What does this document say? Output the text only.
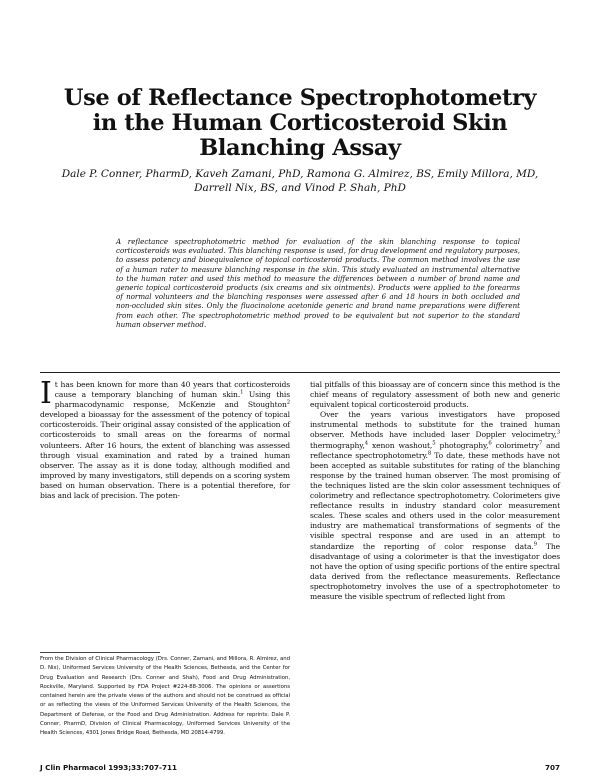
Use of Reflectance Spectrophotometry
in the Human Corticosteroid Skin
Blanching Assay
Dale P. Conner, PharmD, Kaveh Zamani, PhD, Ramona G. Almirez, BS, Emily Millora, MD,
Darrell Nix, BS, and Vinod P. Shah, PhD
A reflectance spectrophotometric method for evaluation of the skin blanching response to topical corticosteroids was evaluated. This blanching response is used, for drug development and regulatory purposes, to assess potency and bioequivalence of topical corticosteroid products. The common method involves the use of a human rater to measure blanching response in the skin. This study evaluated an instrumental alternative to the human rater and used this method to measure the differences between a number of brand name and generic topical corticosteroid products (six creams and six ointments). Products were applied to the forearms of normal volunteers and the blanching responses were assessed after 6 and 18 hours in both occluded and non-occluded skin sites. Only the fluocinolone acetonide generic and brand name preparations were different from each other. The spectrophotometric method proved to be equivalent but not superior to the standard human observer method.

It has been known for more than 40 years that corticosteroids cause a temporary blanching of human skin.$^1$ Using this pharmacodynamic response, McKenzie and Stoughton$^2$ developed a bioassay for the assessment of the potency of topical corticosteroids. Their original assay consisted of the application of corticosteroids to small areas on the forearms of normal volunteers. After 16 hours, the extent of blanching was assessed through visual examination and rated by a trained human observer. The assay as it is done today, although modified and improved by many investigators, still depends on a scoring system based on human observation. There is a potential therefore, for bias and lack of precision. The poten-

tial pitfalls of this bioassay are of concern since this method is the chief means of regulatory assessment of both new and generic equivalent topical corticosteroid products.

Over the years various investigators have proposed instrumental methods to substitute for the trained human observer. Methods have included laser Doppler velocimetry,$^3$ thermography,$^4$ xenon washout,$^5$ photography,$^6$ colorimetry$^7$ and reflectance spectrophotometry.$^8$ To date, these methods have not been accepted as suitable substitutes for rating of the blanching response by the trained human observer. The most promising of the techniques listed are the skin color assessment techniques of colorimetry and reflectance spectrophotometry. Colorimeters give reflectance results in industry standard color measurement scales. These scales and others used in the color measurement industry are mathematical transformations of segments of the visible spectral response and are used in an attempt to standardize the reporting of color response data.$^9$ The disadvantage of using a colorimeter is that the investigator does not have the option of using specific portions of the entire spectral data derived from the reflectance measurements. Reflectance spectrophotometry involves the use of a spectrophotometer to measure the visible spectrum of reflected light from

From the Division of Clinical Pharmacology (Drs. Conner, Zamani, and Millora, R. Almirez, and D. Nix), Uniformed Services University of the Health Sciences, Bethesda, and the Center for Drug Evaluation and Research (Drs. Conner and Shah), Food and Drug Administration, Rockville, Maryland. Supported by FDA Project #224-88-3006. The opinions or assertions contained herein are the private views of the authors and should not be construed as official or as reflecting the views of the Uniformed Services University of the Health Sciences, the Department of Defense, or the Food and Drug Administration. Address for reprints: Dale P. Conner, PharmD, Division of Clinical Pharmacology, Uniformed Services University of the Health Sciences, 4301 Jones Bridge Road, Bethesda, MD 20814-4799.
J Clin Pharmacol 1993;33:707-711	707
